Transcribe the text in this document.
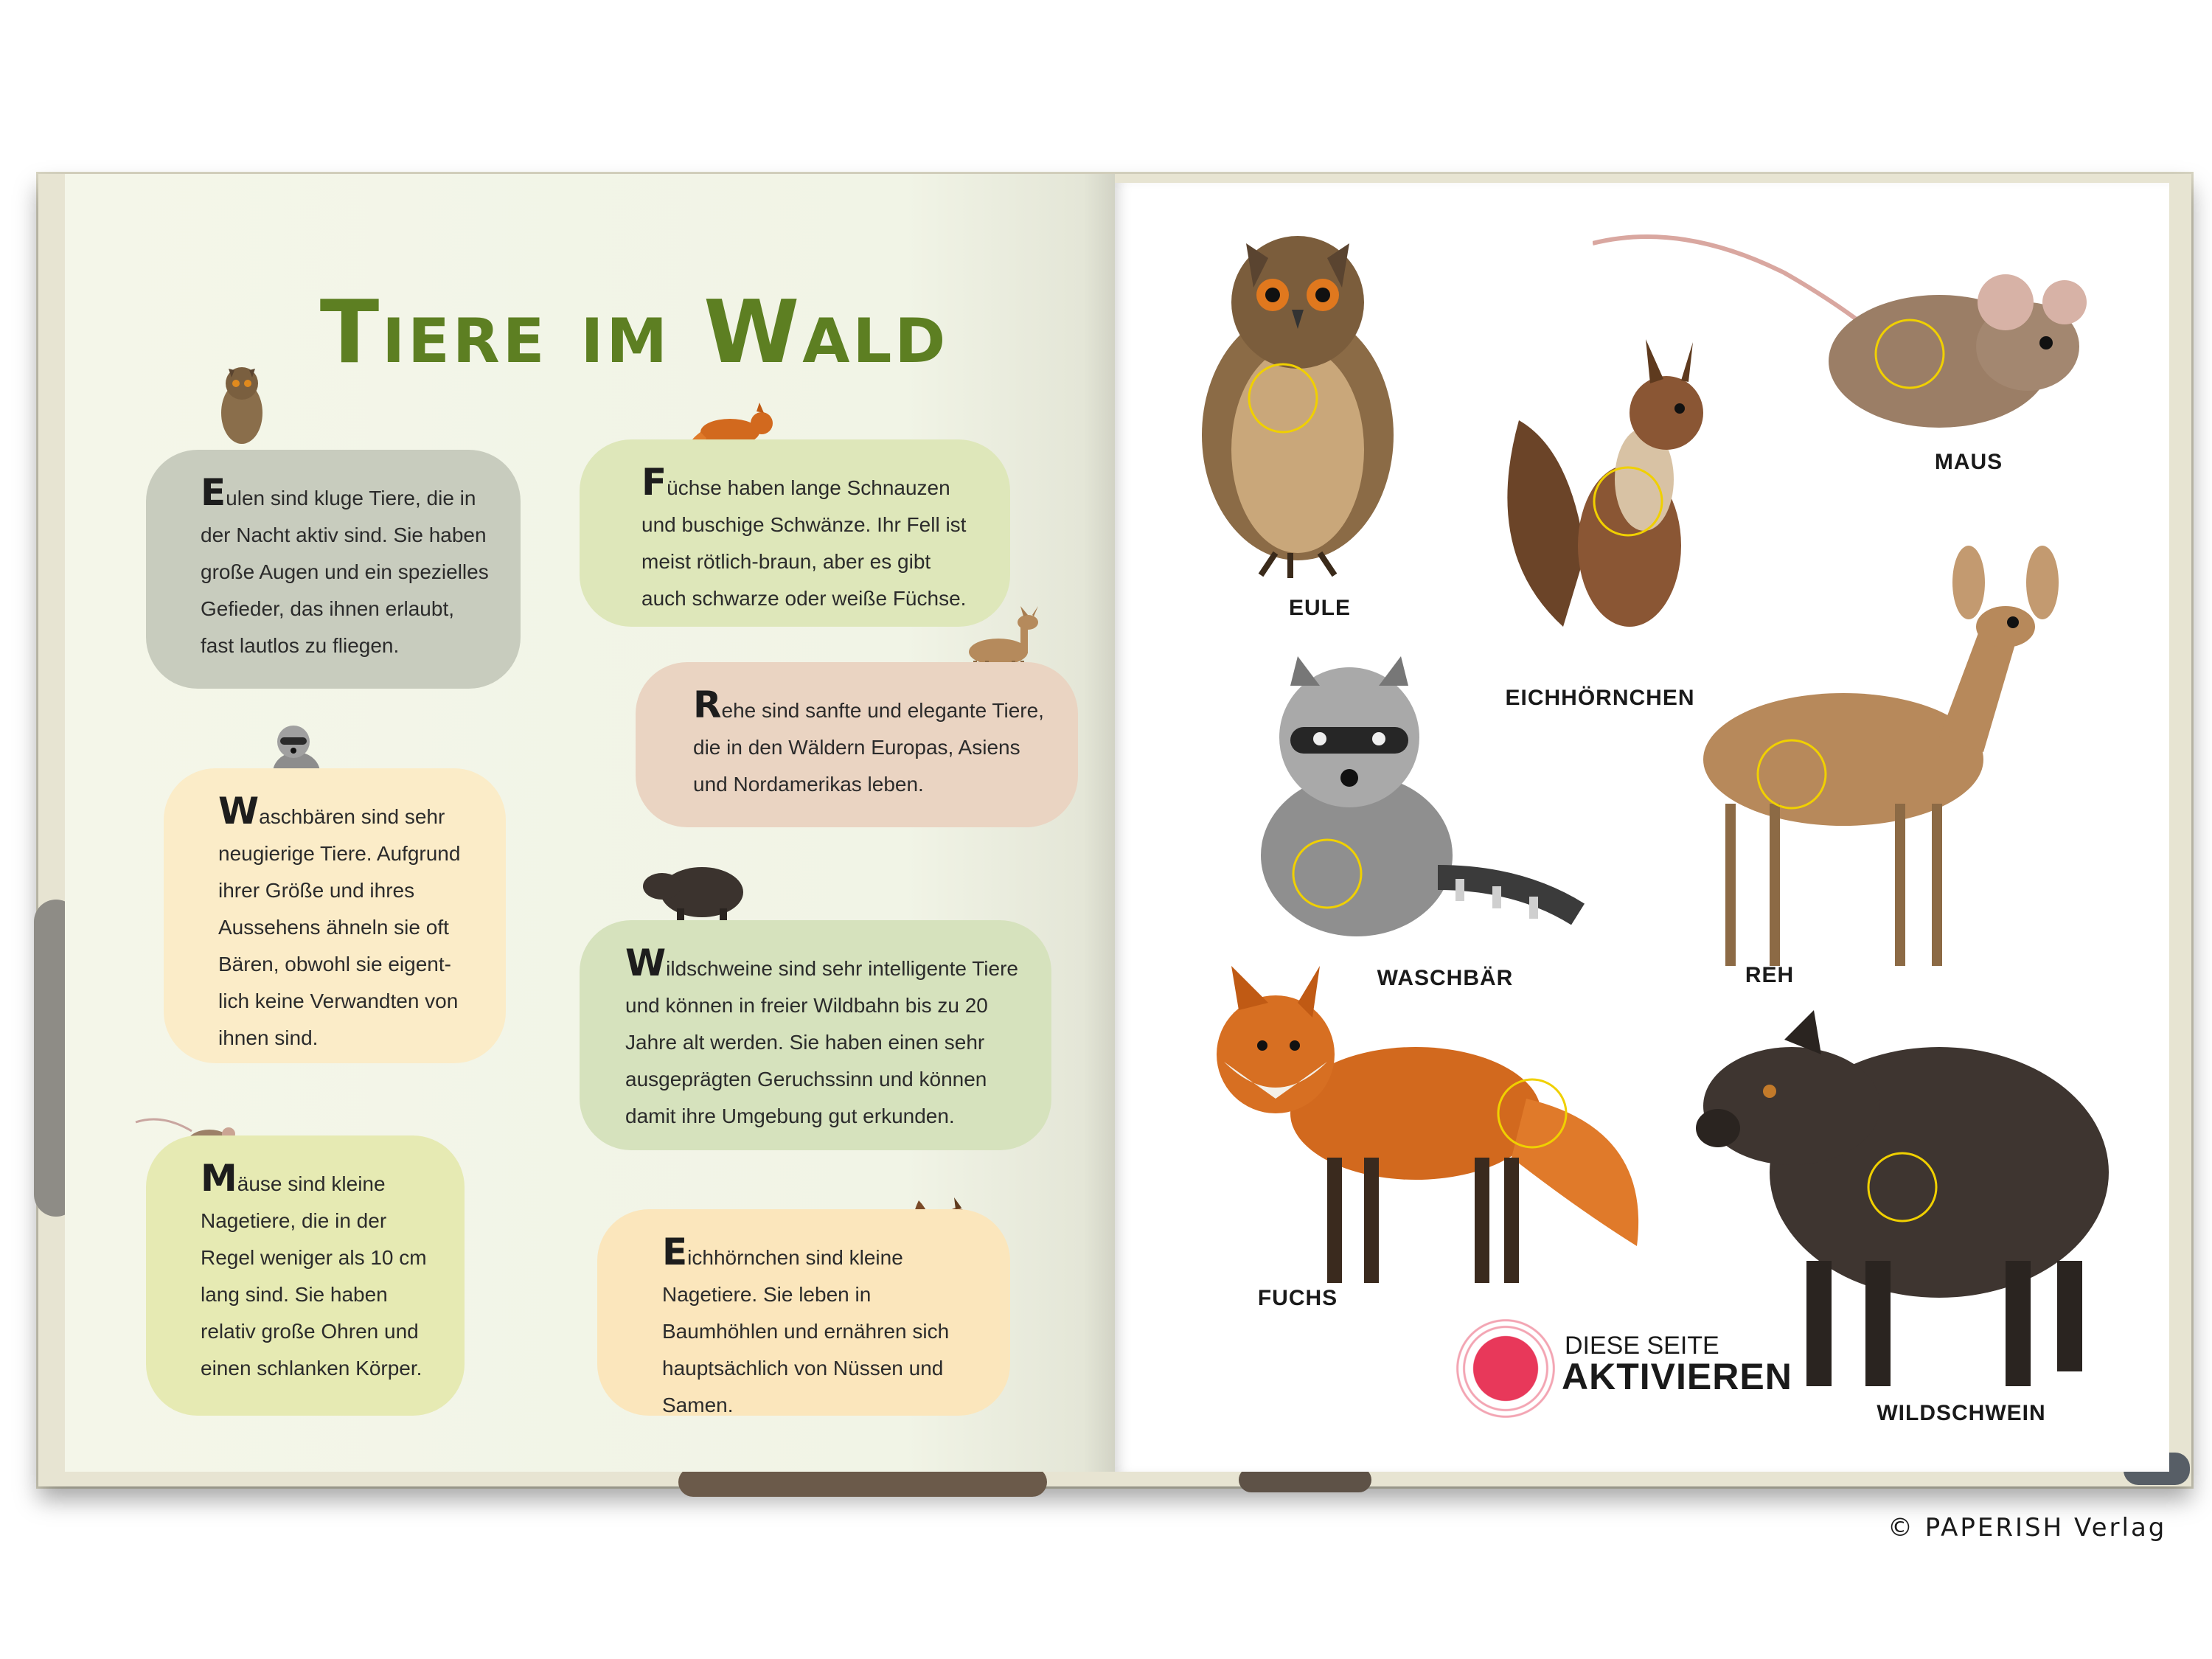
Tiere im Wald

Eulen sind kluge Tiere, die in der Nacht aktiv sind. Sie haben große Augen und ein spezielles Gefieder, das ihnen erlaubt, fast lautlos zu fliegen.

Füchse haben lange Schnauzen und buschige Schwänze. Ihr Fell ist meist rötlich-braun, aber es gibt auch schwarze oder weiße Füchse.

Rehe sind sanfte und elegante Tiere, die in den Wäldern Europas, Asiens und Nordamerikas leben.

Waschbären sind sehr neugierige Tiere. Aufgrund ihrer Größe und ihres Aussehens ähneln sie oft Bären, obwohl sie eigent-lich keine Verwandten von ihnen sind.

Wildschweine sind sehr intelligente Tiere und können in freier Wildbahn bis zu 20 Jahre alt werden. Sie haben einen sehr ausgeprägten Geruchssinn und können damit ihre Umgebung gut erkunden.

Mäuse sind kleine Nagetiere, die in der Regel weniger als 10 cm lang sind. Sie haben relativ große Ohren und einen schlanken Körper.

Eichhörnchen sind kleine Nagetiere. Sie leben in Baumhöhlen und ernähren sich hauptsächlich von Nüssen und Samen.

EULE
EICHHÖRNCHEN
MAUS
WASCHBÄR	REH
FUCHS
WILDSCHWEIN
DIESE SEITE
AKTIVIEREN
© PAPERISH Verlag
